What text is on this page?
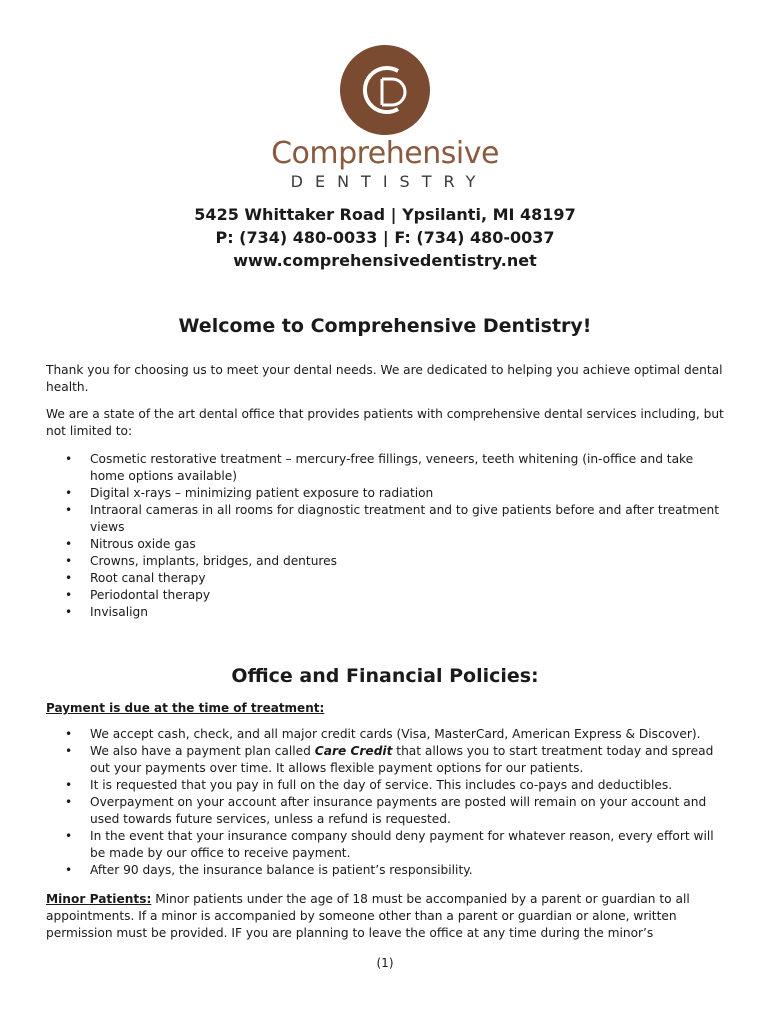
Comprehensive
DENTISTRY
5425 Whittaker Road | Ypsilanti, MI 48197
P: (734) 480-0033 | F: (734) 480-0037
www.comprehensivedentistry.net
Welcome to Comprehensive Dentistry!

Thank you for choosing us to meet your dental needs. We are dedicated to helping you achieve optimal dental health.

We are a state of the art dental office that provides patients with comprehensive dental services including, but not limited to:

• Cosmetic restorative treatment – mercury-free fillings, veneers, teeth whitening (in-office and take home options available)
• Digital x-rays – minimizing patient exposure to radiation
• Intraoral cameras in all rooms for diagnostic treatment and to give patients before and after treatment views
• Nitrous oxide gas
• Crowns, implants, bridges, and dentures
• Root canal therapy
• Periodontal therapy
• Invisalign
Office and Financial Policies:
Payment is due at the time of treatment:
• We accept cash, check, and all major credit cards (Visa, MasterCard, American Express & Discover).
• We also have a payment plan called Care Credit that allows you to start treatment today and spread out your payments over time. It allows flexible payment options for our patients.
• It is requested that you pay in full on the day of service. This includes co-pays and deductibles.
• Overpayment on your account after insurance payments are posted will remain on your account and used towards future services, unless a refund is requested.
• In the event that your insurance company should deny payment for whatever reason, every effort will be made by our office to receive payment.
• After 90 days, the insurance balance is patient’s responsibility.

Minor Patients: Minor patients under the age of 18 must be accompanied by a parent or guardian to all appointments. If a minor is accompanied by someone other than a parent or guardian or alone, written permission must be provided. IF you are planning to leave the office at any time during the minor’s

(1)
